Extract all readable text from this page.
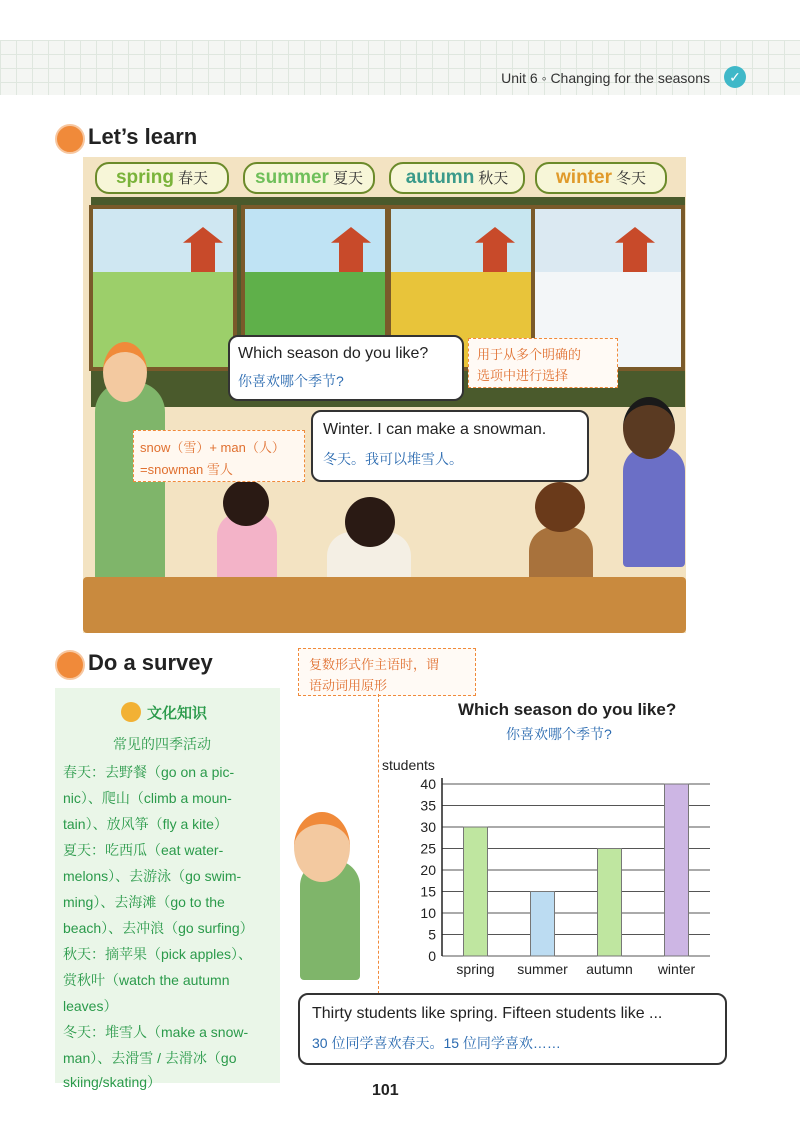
Unit 6 ◦ Changing for the seasons	✓
Let’s learn
spring 春天	summer 夏天	autumn 秋天	winter 冬天
Which season do you like?
你喜欢哪个季节?
用于从多个明确的
选项中进行选择
snow（雪）+ man（人）
=snowman 雪人
Winter. I can make a snowman.
冬天。我可以堆雪人。
Do a survey	复数形式作主语时，谓
语动词用原形
文化知识
常见的四季活动
春天：去野餐（go on a pic-
nic）、爬山（climb a moun-
tain）、放风筝（fly a kite）
夏天：吃西瓜（eat water-
melons）、去游泳（go swim-
ming）、去海滩（go to the
beach）、去冲浪（go surfing）
秋天：摘苹果（pick apples）、
赏秋叶（watch the autumn
leaves）
冬天：堆雪人（make a snow-
man）、去滑雪 / 去滑冰（go
skiing/skating）
Which season do you like?
你喜欢哪个季节?
students
0
5
10
15
20
25
30
35
40
spring summer autumn winter
Thirty students like spring. Fifteen students like ...
30 位同学喜欢春天。15 位同学喜欢……
101
